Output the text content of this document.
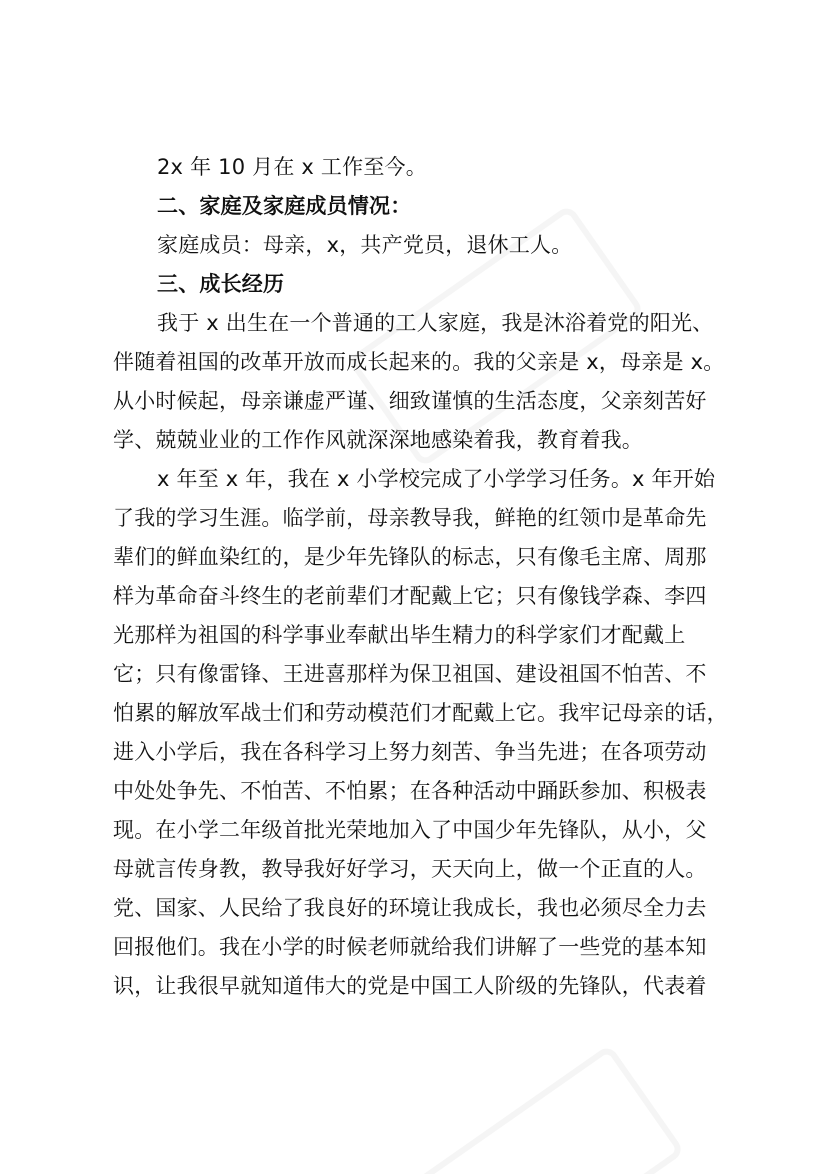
2x 年 10 月在 x 工作至今。
二、家庭及家庭成员情况：
家庭成员：母亲，x，共产党员，退休工人。
三、成长经历
我于 x 出生在一个普通的工人家庭，我是沐浴着党的阳光、
伴随着祖国的改革开放而成长起来的。我的父亲是 x，母亲是 x。
从小时候起，母亲谦虚严谨、细致谨慎的生活态度，父亲刻苦好
学、兢兢业业的工作作风就深深地感染着我，教育着我。
x 年至 x 年，我在 x 小学校完成了小学学习任务。x 年开始
了我的学习生涯。临学前，母亲教导我，鲜艳的红领巾是革命先
辈们的鲜血染红的，是少年先锋队的标志，只有像毛主席、周那
样为革命奋斗终生的老前辈们才配戴上它；只有像钱学森、李四
光那样为祖国的科学事业奉献出毕生精力的科学家们才配戴上
它；只有像雷锋、王进喜那样为保卫祖国、建设祖国不怕苦、不
怕累的解放军战士们和劳动模范们才配戴上它。我牢记母亲的话，
进入小学后，我在各科学习上努力刻苦、争当先进；在各项劳动
中处处争先、不怕苦、不怕累；在各种活动中踊跃参加、积极表
现。在小学二年级首批光荣地加入了中国少年先锋队，从小，父
母就言传身教，教导我好好学习，天天向上，做一个正直的人。
党、国家、人民给了我良好的环境让我成长，我也必须尽全力去
回报他们。我在小学的时候老师就给我们讲解了一些党的基本知
识，让我很早就知道伟大的党是中国工人阶级的先锋队，代表着
